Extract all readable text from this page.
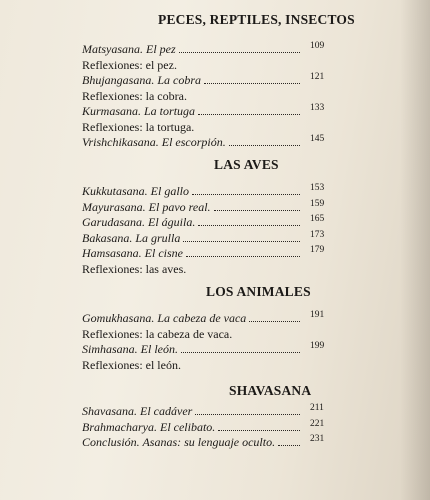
PECES, REPTILES, INSECTOS
Matsyasana. El pez	109
Reflexiones: el pez.
Bhujangasana. La cobra	121
Reflexiones: la cobra.
Kurmasana. La tortuga	133
Reflexiones: la tortuga.
Vrishchikasana. El escorpión.	145
LAS AVES
Kukkutasana. El gallo	153
Mayurasana. El pavo real.	159
Garudasana. El águila.	165
Bakasana. La grulla	173
Hamsasana. El cisne	179
Reflexiones: las aves.
LOS ANIMALES
Gomukhasana. La cabeza de vaca	191
Reflexiones: la cabeza de vaca.
Simhasana. El león.	199
Reflexiones: el león.
SHAVASANA
Shavasana. El cadáver	211
Brahmacharya. El celibato.	221
Conclusión. Asanas: su lenguaje oculto.	231
